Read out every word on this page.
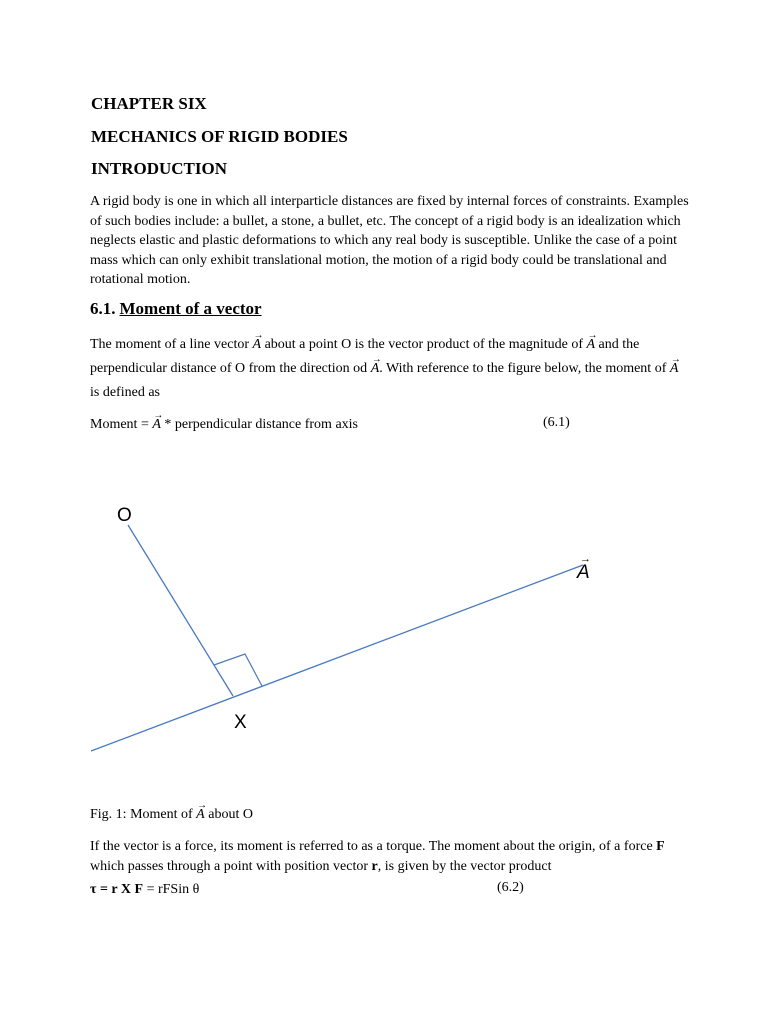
CHAPTER SIX
MECHANICS OF RIGID BODIES
INTRODUCTION
A rigid body is one in which all interparticle distances are fixed by internal forces of constraints. Examples of such bodies include: a bullet, a stone, a bullet, etc. The concept of a rigid body is an idealization which neglects elastic and plastic deformations to which any real body is susceptible. Unlike the case of a point mass which can only exhibit translational motion, the motion of a rigid body could be translational and rotational motion.
6.1. Moment of a vector
The moment of a line vector → A about a point O is the vector product of the magnitude of → A and the perpendicular distance of O from the direction od → A. With reference to the figure below, the moment of → A is defined as
Moment = → A * perpendicular distance from axis	(6.1)
O
X
A
→
Fig. 1: Moment of → A about O
If the vector is a force, its moment is referred to as a torque. The moment about the origin, of a force F which passes through a point with position vector r, is given by the vector product
τ = r X F = rFSin θ	(6.2)
